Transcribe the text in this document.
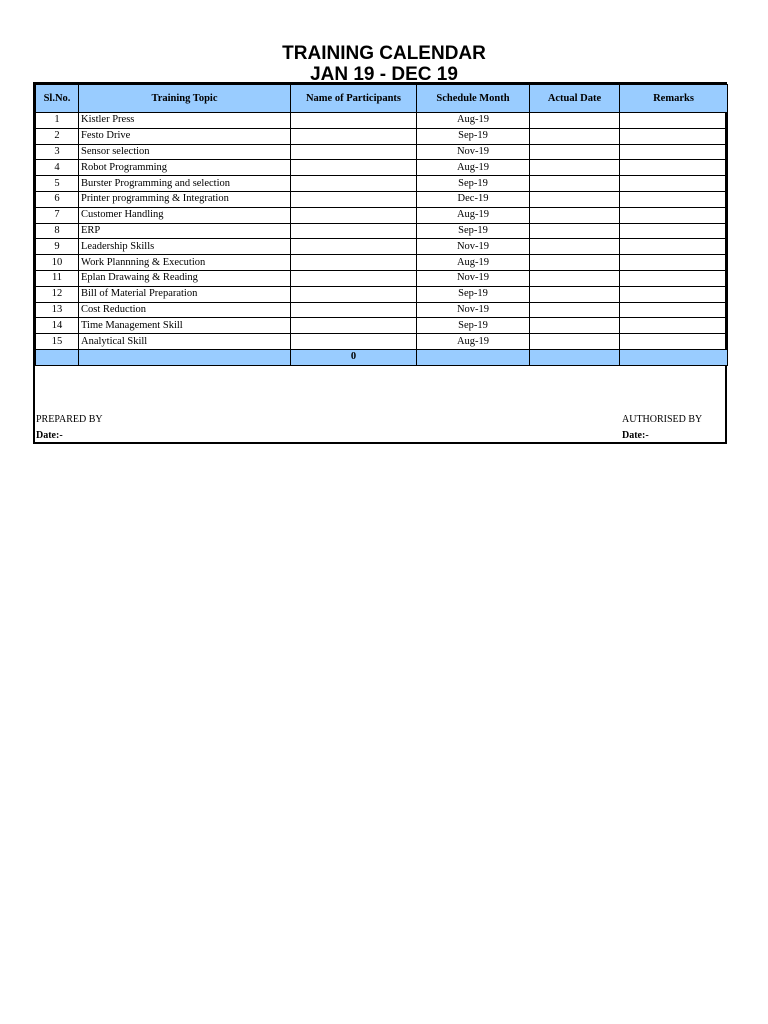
TRAINING CALENDAR
JAN 19 - DEC 19
Sl.No.	Training Topic	Name of Participants	Schedule Month	Actual Date	Remarks
1	Kistler Press		Aug-19		
2	Festo Drive		Sep-19		
3	Sensor selection		Nov-19		
4	Robot Programming		Aug-19		
5	Burster Programming and selection		Sep-19		
6	Printer programming & Integration		Dec-19		
7	Customer Handling		Aug-19		
8	ERP		Sep-19		
9	Leadership Skills		Nov-19		
10	Work Plannning & Execution		Aug-19		
11	Eplan Drawaing & Reading		Nov-19		
12	Bill of Material Preparation		Sep-19		
13	Cost Reduction		Nov-19		
14	Time Management Skill		Sep-19		
15	Analytical Skill		Aug-19		
		0			
PREPARED BY
Date:-
AUTHORISED BY
Date:-
